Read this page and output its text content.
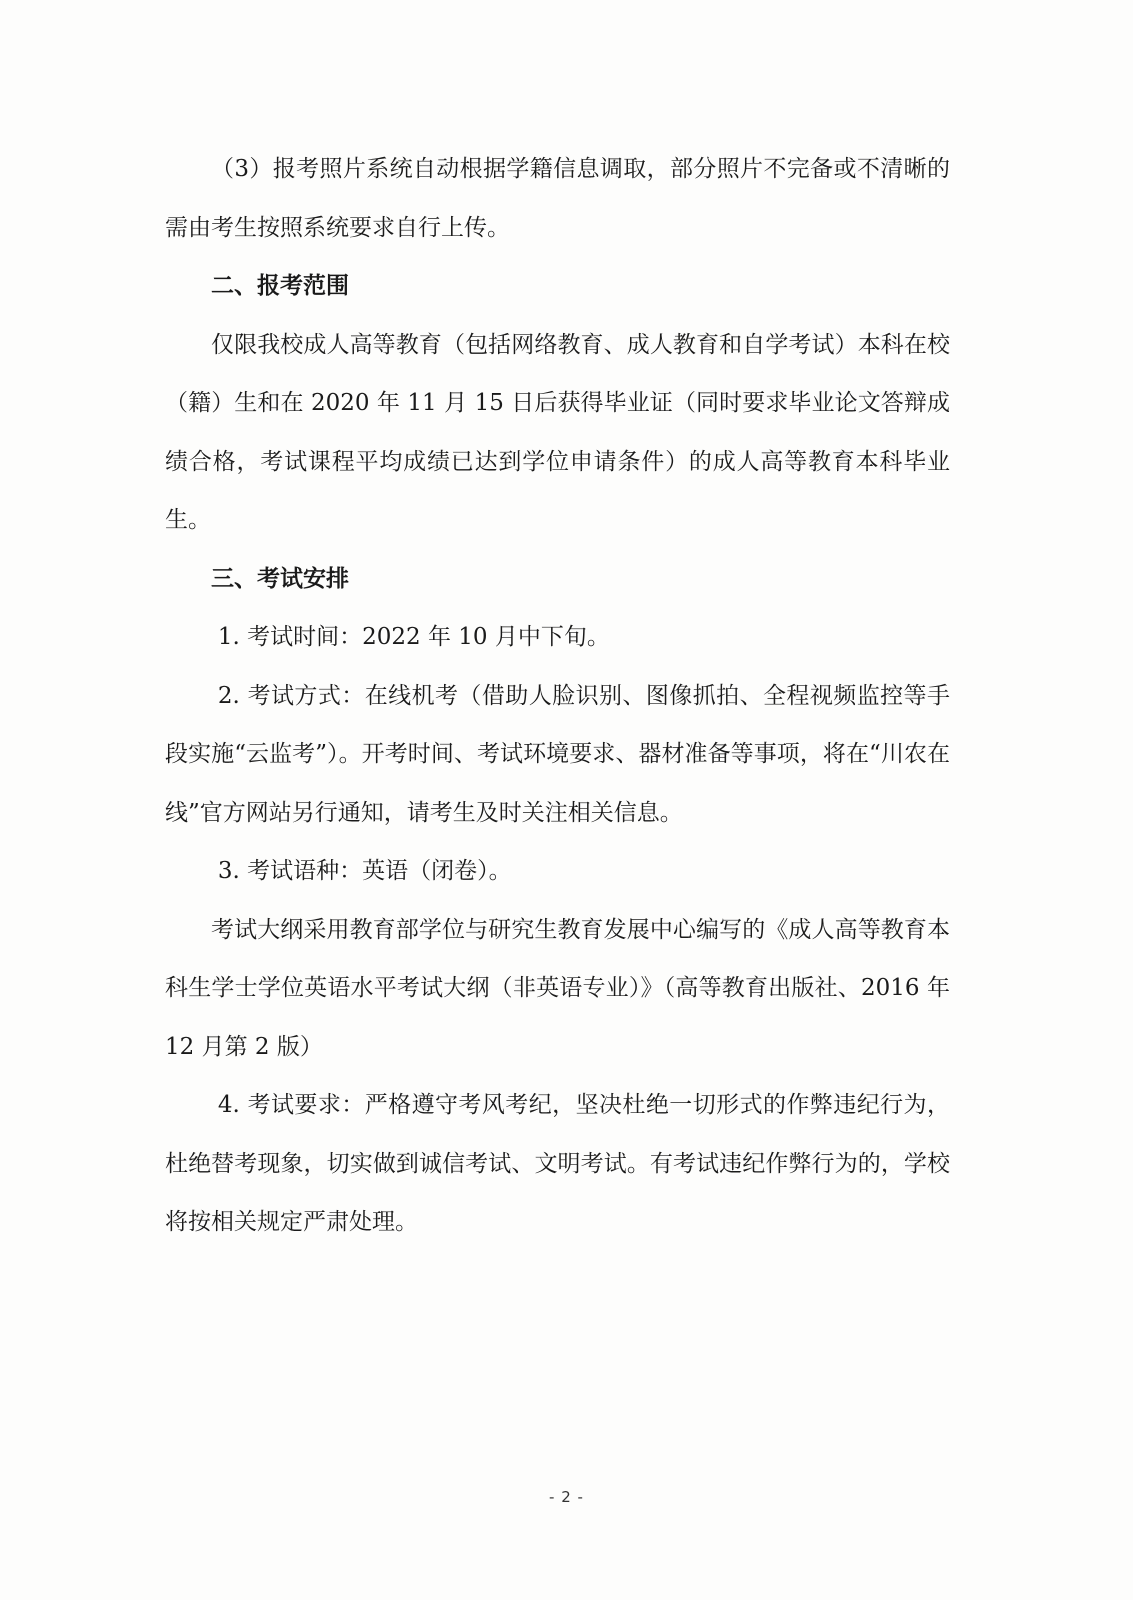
（3）报考照片系统自动根据学籍信息调取，部分照片不完备或不清晰的需由考生按照系统要求自行上传。

二、报考范围

仅限我校成人高等教育（包括网络教育、成人教育和自学考试）本科在校（籍）生和在 2020 年 11 月 15 日后获得毕业证（同时要求毕业论文答辩成绩合格，考试课程平均成绩已达到学位申请条件）的成人高等教育本科毕业生。

三、考试安排

1. 考试时间：2022 年 10 月中下旬。

2. 考试方式：在线机考（借助人脸识别、图像抓拍、全程视频监控等手段实施“云监考”）。开考时间、考试环境要求、器材准备等事项，将在“川农在线”官方网站另行通知，请考生及时关注相关信息。

3. 考试语种：英语（闭卷）。

考试大纲采用教育部学位与研究生教育发展中心编写的《成人高等教育本科生学士学位英语水平考试大纲（非英语专业）》（高等教育出版社、2016 年 12 月第 2 版）

4. 考试要求：严格遵守考风考纪，坚决杜绝一切形式的作弊违纪行为，杜绝替考现象，切实做到诚信考试、文明考试。有考试违纪作弊行为的，学校将按相关规定严肃处理。

- 2 -
